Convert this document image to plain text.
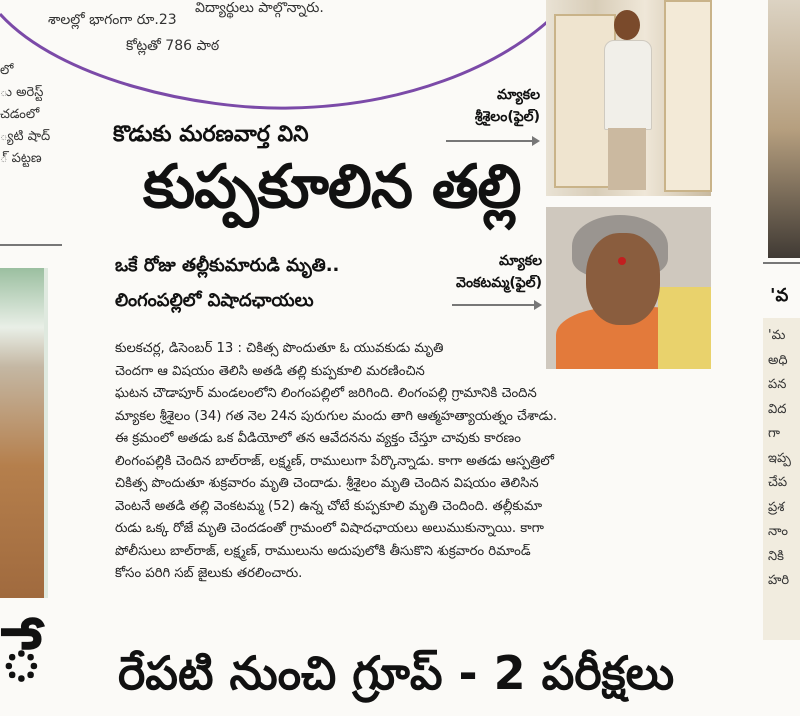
విద్యార్థులు పాల్గొన్నారు.
శాలల్లో భాగంగా రూ.23
కోట్లతో 786 పాఠ
లో
ు అరెస్ట్
చడంలో
్యటి షాద్
్ పట్టణ
ే
కొడుకు మరణవార్త విని
కుప్పకూలిన తల్లి
ఒకే రోజు తల్లీకుమారుడి మృతి..
లింగంపల్లిలో విషాదఛాయలు
కులకచర్ల, డిసెంబర్ 13 : చికిత్స పొందుతూ ఓ యువకుడు మృతి
చెందగా ఆ విషయం తెలిసి అతడి తల్లి కుప్పకూలి మరణించిన
ఘటన చౌడాపూర్ మండలంలోని లింగంపల్లిలో జరిగింది. లింగంపల్లి గ్రామానికి చెందిన
మ్యాకల శ్రీశైలం (34) గత నెల 24న పురుగుల మందు తాగి ఆత్మహత్యాయత్నం చేశాడు.
ఈ క్రమంలో అతడు ఒక వీడియోలో తన ఆవేదనను వ్యక్తం చేస్తూ చావుకు కారణం
లింగంపల్లికి చెందిన బాల్‌రాజ్, లక్ష్మణ్, రాములుగా పేర్కొన్నాడు. కాగా అతడు ఆస్పత్రిలో
చికిత్స పొందుతూ శుక్రవారం మృతి చెందాడు. శ్రీశైలం మృతి చెందిన విషయం తెలిసిన
వెంటనే అతడి తల్లి వెంకటమ్మ (52) ఉన్న చోటే కుప్పకూలి మృతి చెందింది. తల్లీకుమా
రుడు ఒక్క రోజే మృతి చెందడంతో గ్రామంలో విషాదఛాయలు అలుముకున్నాయి. కాగా
పోలీసులు బాల్‌రాజ్, లక్ష్మణ్, రాములును అదుపులోకి తీసుకొని శుక్రవారం రిమాండ్
కోసం పరిగి సబ్ జైలుకు తరలించారు.
మ్యాకల
శ్రీశైలం(ఫైల్)
మ్యాకల
వెంకటమ్మ(ఫైల్)
'వ
'మ
అధి
పన
విద
గా
ఇప్ప
చేప
ప్రశ
నాం
నికి
హరి
రేపటి నుంచి గ్రూప్ - 2 పరీక్షలు
